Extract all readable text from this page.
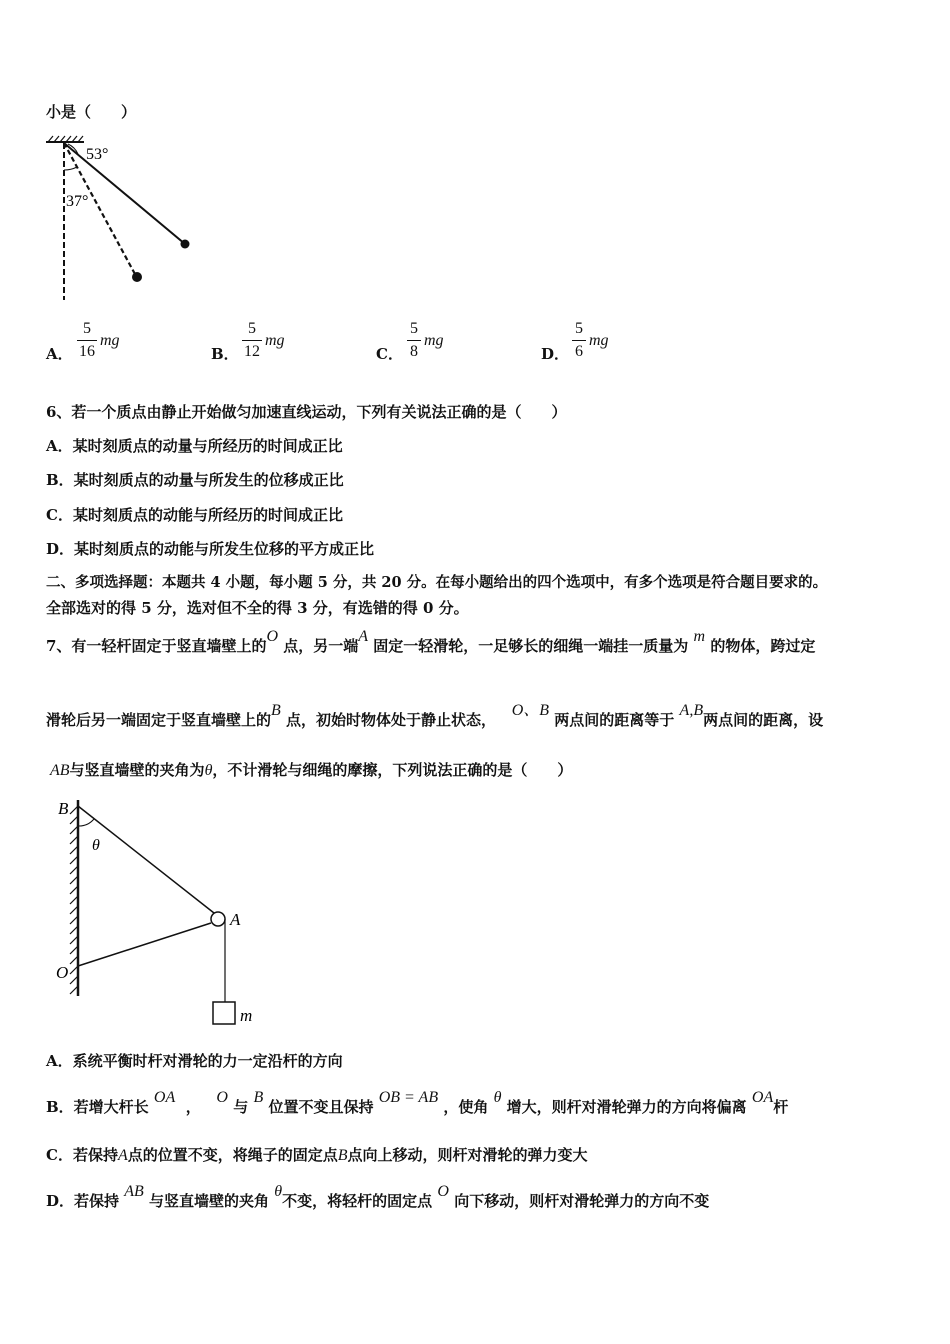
小是（　　）
53°
37°
A．
5
16
mg
B．
5
12
mg
C．
5
8
mg
D．
5
6
mg
6、若一个质点由静止开始做匀加速直线运动，下列有关说法正确的是（　　）
A．某时刻质点的动量与所经历的时间成正比
B．某时刻质点的动量与所发生的位移成正比
C．某时刻质点的动能与所经历的时间成正比
D．某时刻质点的动能与所发生位移的平方成正比
二、多项选择题：本题共 4 小题，每小题 5 分，共 20 分。在每小题给出的四个选项中，有多个选项是符合题目要求的。
全部选对的得 5 分，选对但不全的得 3 分，有选错的得 0 分。
7、有一轻杆固定于竖直墙壁上的O 点，另一端A 固定一轻滑轮，一足够长的细绳一端挂一质量为 m 的物体，跨过定
滑轮后另一端固定于竖直墙壁上的B 点，初始时物体处于静止状态，   O、B 两点间的距离等于 A,B两点间的距离，设
AB与竖直墙壁的夹角为θ，不计滑轮与细绳的摩擦，下列说法正确的是（　　）
B
θ
A
O
m
A．系统平衡时杆对滑轮的力一定沿杆的方向
B．若增大杆长 OA  ，   O 与 B 位置不变且保持 OB = AB ，使角 θ 增大，则杆对滑轮弹力的方向将偏离 OA杆
C．若保持A点的位置不变，将绳子的固定点B点向上移动，则杆对滑轮的弹力变大
D．若保持 AB 与竖直墙壁的夹角 θ不变，将轻杆的固定点 O 向下移动，则杆对滑轮弹力的方向不变
